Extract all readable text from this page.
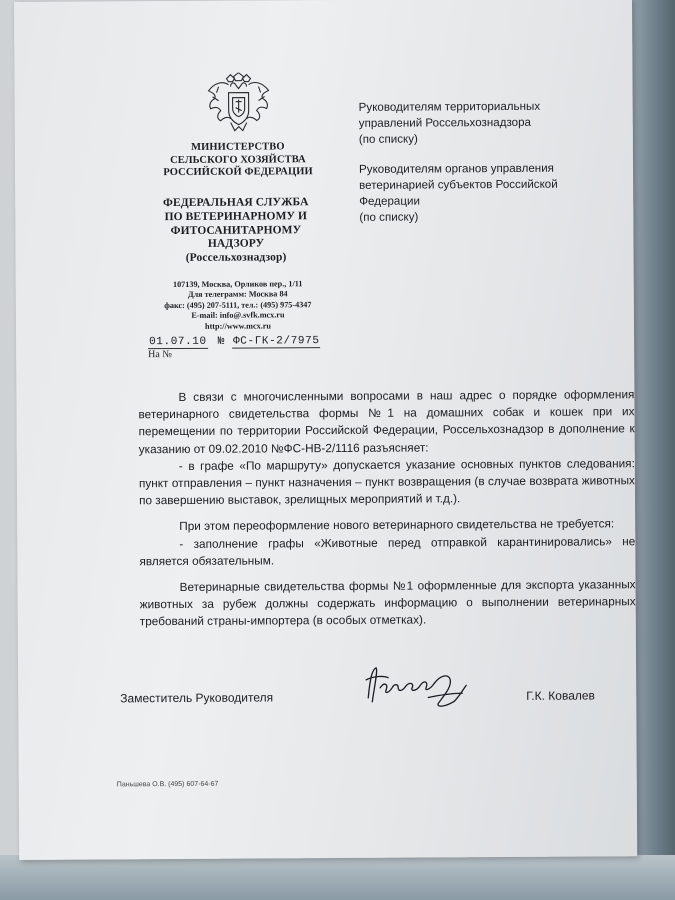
МИНИСТЕРСТВО
СЕЛЬСКОГО ХОЗЯЙСТВА
РОССИЙСКОЙ ФЕДЕРАЦИИ
ФЕДЕРАЛЬНАЯ СЛУЖБА
ПО ВЕТЕРИНАРНОМУ И
ФИТОСАНИТАРНОМУ
НАДЗОРУ
(Россельхознадзор)
107139, Москва, Орликов пер., 1/11
Для телеграмм: Москва 84
факс: (495) 207-5111, тел.: (495) 975-4347
E-mail: info@.svfk.mcx.ru
http://www.mcx.ru
01.07.10 № ФС-ГК-2/7975
На №
Руководителям территориальных
управлений Россельхознадзора
(по списку)
Руководителям органов управления
ветеринарией субъектов Российской
Федерации
(по списку)

В связи с многочисленными вопросами в наш адрес о порядке оформления ветеринарного свидетельства формы №1 на домашних собак и кошек при их перемещении по территории Российской Федерации, Россельхознадзор в дополнение к указанию от 09.02.2010 №ФС-НВ-2/1116 разъясняет:

- в графе «По маршруту» допускается указание основных пунктов следования: пункт отправления – пункт назначения – пункт возвращения (в случае возврата животных по завершению выставок, зрелищных мероприятий и т.д.).

При этом переоформление нового ветеринарного свидетельства не требуется:

- заполнение графы «Животные перед отправкой карантинировались» не является обязательным.

Ветеринарные свидетельства формы №1 оформленные для экспорта указанных животных за рубеж должны содержать информацию о выполнении ветеринарных требований страны-импортера (в особых отметках).

Заместитель Руководителя	Г.К. Ковалев
Паньшева О.В. (495) 607-64-67
